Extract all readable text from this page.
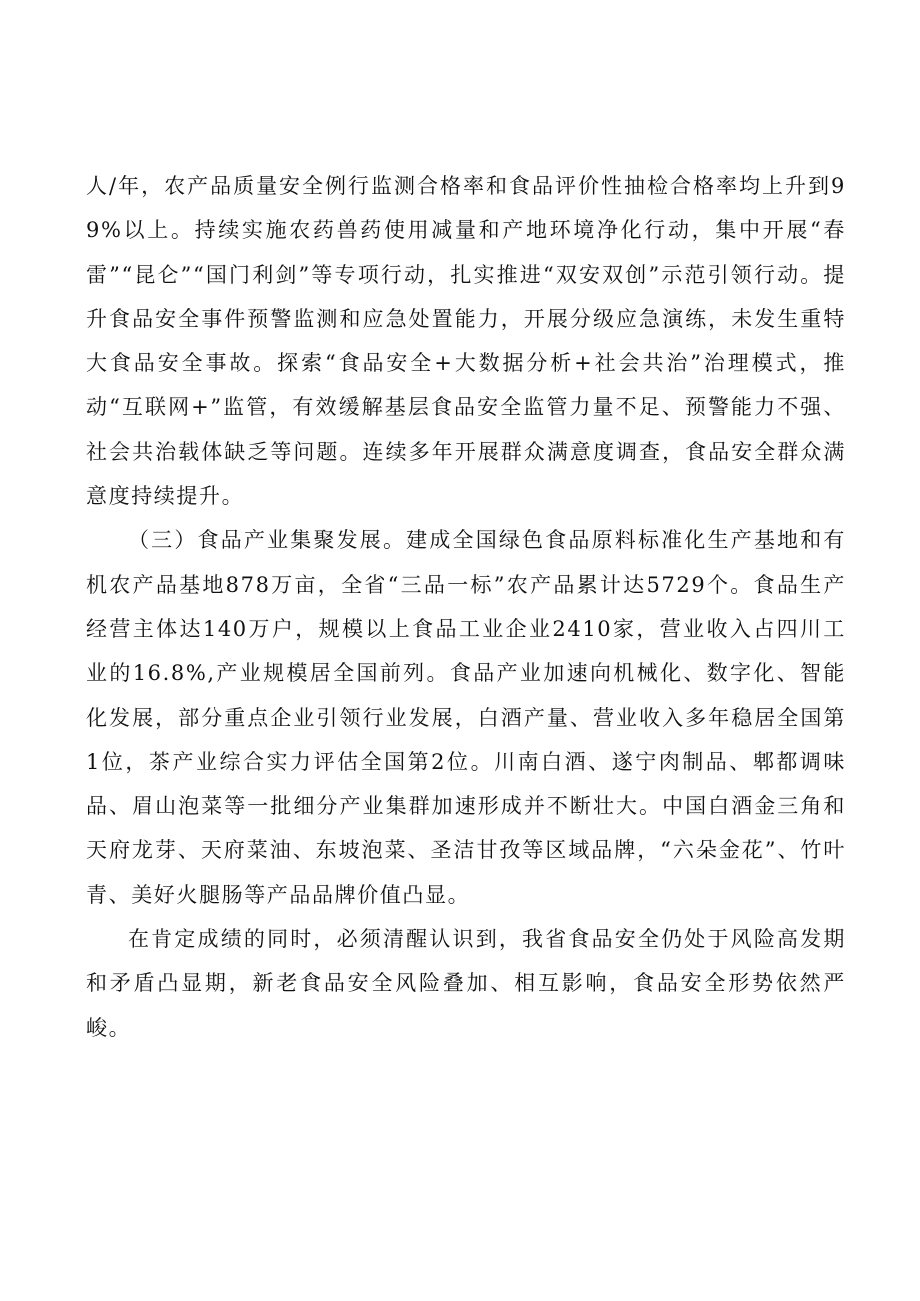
人/年，农产品质量安全例行监测合格率和食品评价性抽检合格率均上升到99%以上。持续实施农药兽药使用减量和产地环境净化行动，集中开展“春雷”“昆仑”“国门利剑”等专项行动，扎实推进“双安双创”示范引领行动。提升食品安全事件预警监测和应急处置能力，开展分级应急演练，未发生重特大食品安全事故。探索“食品安全+大数据分析+社会共治”治理模式，推动“互联网+”监管，有效缓解基层食品安全监管力量不足、预警能力不强、社会共治载体缺乏等问题。连续多年开展群众满意度调查，食品安全群众满意度持续提升。

（三）食品产业集聚发展。建成全国绿色食品原料标准化生产基地和有机农产品基地878万亩，全省“三品一标”农产品累计达5729个。食品生产经营主体达140万户，规模以上食品工业企业2410家，营业收入占四川工业的16.8%,产业规模居全国前列。食品产业加速向机械化、数字化、智能化发展，部分重点企业引领行业发展，白酒产量、营业收入多年稳居全国第1位，茶产业综合实力评估全国第2位。川南白酒、遂宁肉制品、郫都调味品、眉山泡菜等一批细分产业集群加速形成并不断壮大。中国白酒金三角和天府龙芽、天府菜油、东坡泡菜、圣洁甘孜等区域品牌，“六朵金花”、竹叶青、美好火腿肠等产品品牌价值凸显。

在肯定成绩的同时，必须清醒认识到，我省食品安全仍处于风险高发期和矛盾凸显期，新老食品安全风险叠加、相互影响，食品安全形势依然严峻。
